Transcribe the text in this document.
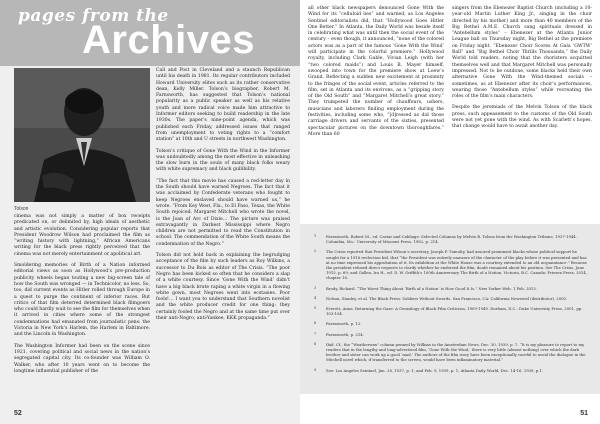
pages from the
Archives
Tolson

cinema was not simply a matter of box receipts predicated on, or delimited by, high ideals of aesthetic and artistic evolution. Considering popular reports that President Woodrow Wilson had proclaimed the film as “writing history with lightning,” African Americans writing for the black press rightly perceived that the cinema was not merely entertainment or apolitical art.

Smoldering memories of Birth of a Nation informed editorial views as soon as Hollywood’s pre-production publicity wheels began touting a new big-screen tale of how the South was wronged — in Technicolor, no less. So, too, did current events as Hitler rolled through Europe in a quest to purge the continent of inferior races. But critics of that film deterred determined black filmgoers who could hardly wait to see the film for themselves when it arrived in cities where some of the strongest condemnations had emanated from journalistic pens: the Victoria in New York’s Harlem, the Harlem in Baltimore, and the Lincoln in Washington.

The Washington Informer had been on the scene since 1921, covering political and social news in the nation’s segregated capital city. Its co-founder was William O. Walker, who after 10 years went on to become the longtime influential publisher of the

Call and Post in Cleveland and a staunch Republican until his death in 1981. Its regular contributors included Howard University elites such as its rather conservative dean, Kelly Miller. Tolson’s biographer, Robert M. Farnsworth, has suggested that Tolson’s national popularity as a public speaker as well as his relative youth and more radical voice made him attractive to Informer editors seeking to build readership in the late 1930s. The paper’s nine-point agenda, which was published each Friday, addressed issues that ranged from unemployment to voting rights to a “comfort station” at 10th and U streets in northwest Washington.

Tolson’s critique of Gone With the Wind in the Informer was undoubtedly among the most effective in unleashing the slow burn in the souls of many black folks weary with white supremacy and black gullibility.

“The fact that this movie has caused a red-letter day in the South should have warned Negroes. The fact that it was acclaimed by Confederate veterans who fought to keep Negroes enslaved should have warned us,” he wrote. “From Key West, Fla., to El Paso, Texas, the White South rejoiced. Margaret Mitchell who wrote the novel, is the Joan of Arc of Dixie… The picture was praised extravagantly in Darkest Mississippi where Negro children are not permitted to read the Constitution in school. The commendation of the White South means the condemnation of the Negro.”

Tolson did not hold back in explaining the begrudging acceptance of the film by such leaders as Roy Wilkins, a successor to Du Bois as editor of The Crisis. “The poor Negro has been kicked so often that he considers a slap of a white courtesy. Since ‘Gone With the Wind’ didn’t have a big black brute raping a white virgin in a flowing white gown, most Negroes went into ecstasies. Poor fools!… I want you to understand that Southern novelist and the white producer credit for one thing: they certainly fooled the Negro and at the same time put over their anti-Negro, anti-Yankee, KKK propaganda.”

52

all other black newspapers denounced Gone With the Wind for its “celluloid lies” and warned, as Los Angeles Sentinel editorialists did, that “Hollywood Goes Hitler One Better.” In Atlanta, the Daily World was beside itself in celebrating what was until then the social event of the century – even though, it announced, “none of the colored actors was as a part of the famous ‘Gone With the Wind’ will participate in the colorful premiere.” Hollywood royalty, including Clark Gable, Vivian Leigh (with her “two colored maids”) and Louis B. Mayer himself, swooped into town for the premiere show at Loew’s Grand. Reflecting a sudden new excitement at proximity to the fringes of the social event, articles referred to the film, set in Atlanta and its environs, as a “gripping story of the Old South” and “Margaret Mitchell’s great story.” They trumpeted the number of chauffeurs, ushers, musicians and laborers finding employment during the festivities, including some who, “[d]ressed as did those carriage drivers and servants of the sixties, presented spectacular pictures on the downtown thoroughfares.” More than 60

singers from the Ebenezer Baptist Church (including a 10-year-old Martin Luther King Jr., singing in the choir directed by his mother) and more than 40 members of the Big Bethel A.M.E. Church sang spirituals dressed in “Antebellum styles” – Ebenezer at the Atlanta Junior League ball on Thursday night, Big Bethel at the premiere on Friday night. “Ebenezer Choir Scores At Gala ‘GWTW’ Ball” and “Big Bethel Choir Thrills Thousands,” the Daily World told readers, noting that the choristers acquitted themselves well and that Margaret Mitchell was personally impressed. Not to be outdone, some blacks held their own alternative Gone With the Wind-themed socials – sometimes, as at Ebenezer after its choir’s performances, wearing those “Antebellum styles” while recreating the roles of the film’s main characters.

Despite the jeremiads of the Melvin Tolson of the black press, such appeasement to the customs of the Old South were not yet gone with the wind. As with Scarlett’s hopes, that change would have to await another day.

51
1	Farnsworth, Robert M., ed. Caviar and Cabbage: Selected Columns by Melvin B. Tolson from the Washington Tribune, 1937-1944. Columbia, Mo.: University of Missouri Press, 1982, p. 214.
2	The Crisis reported that President Wilson’s secretary, Joseph P. Tumulty, had assured prominent blacks whose political support he sought for a 1916 reelection bid, that “the President was entirely unaware of the character of the play before it was presented and has at no time expressed his approbation of it. Its exhibition at the White House was a courtesy extended to an old acquaintance.” Because the president refused direct requests to clarify whether he endorsed the film, doubt remained about his position. See The Crisis, June 1915, p. 69; and Gallen, Ira H., ed. D. W. Griffith’s 100th Anniversary The Birth of a Nation. Victoria, B.C. Canada: Friesen Press, 2014, chapter 16.
3	Brody, Richard. “The Worst Thing About ‘Birth of a Nation’ is How Good It Is.” New Yorker Web. 1 Feb. 2013.
4	Nelson, Stanley, et al. The Black Press: Soldiers Without Swords. San Francisco, CA: California Newsreel (distributor), 2000.
5	Everett, Anna. Returning the Gaze: A Genealogy of Black Film Criticism, 1909-1949. Durham, N.C.: Duke University Press, 2001, pp. 103-104.
6	Farnsworth, p. 12.
7	Farnsworth, p. 214.
8	Ibid. Cf., the “Weatherwax” column penned by Wilkins in the Amsterdam News, Dec. 30, 1939, p. 7. “It is my pleasure to report to my readers that in the lengthy and long-advertised film, ‘Gone With the Wind,’ there is very little (almost nothing) over which the dark brother and sister can work up a good ‘mad.’ The authors of the film story have been exceptionally careful to avoid the dialogue in the Mitchell novel which, if transferred to the screen, would have been inflammatory material.”
9	See: Los Angeles Sentinel, Jan. 28, 1937, p. 1; and Feb. 9, 1939, p. 1; Atlanta Daily World, Dec. 14-16, 1939, p.1.
